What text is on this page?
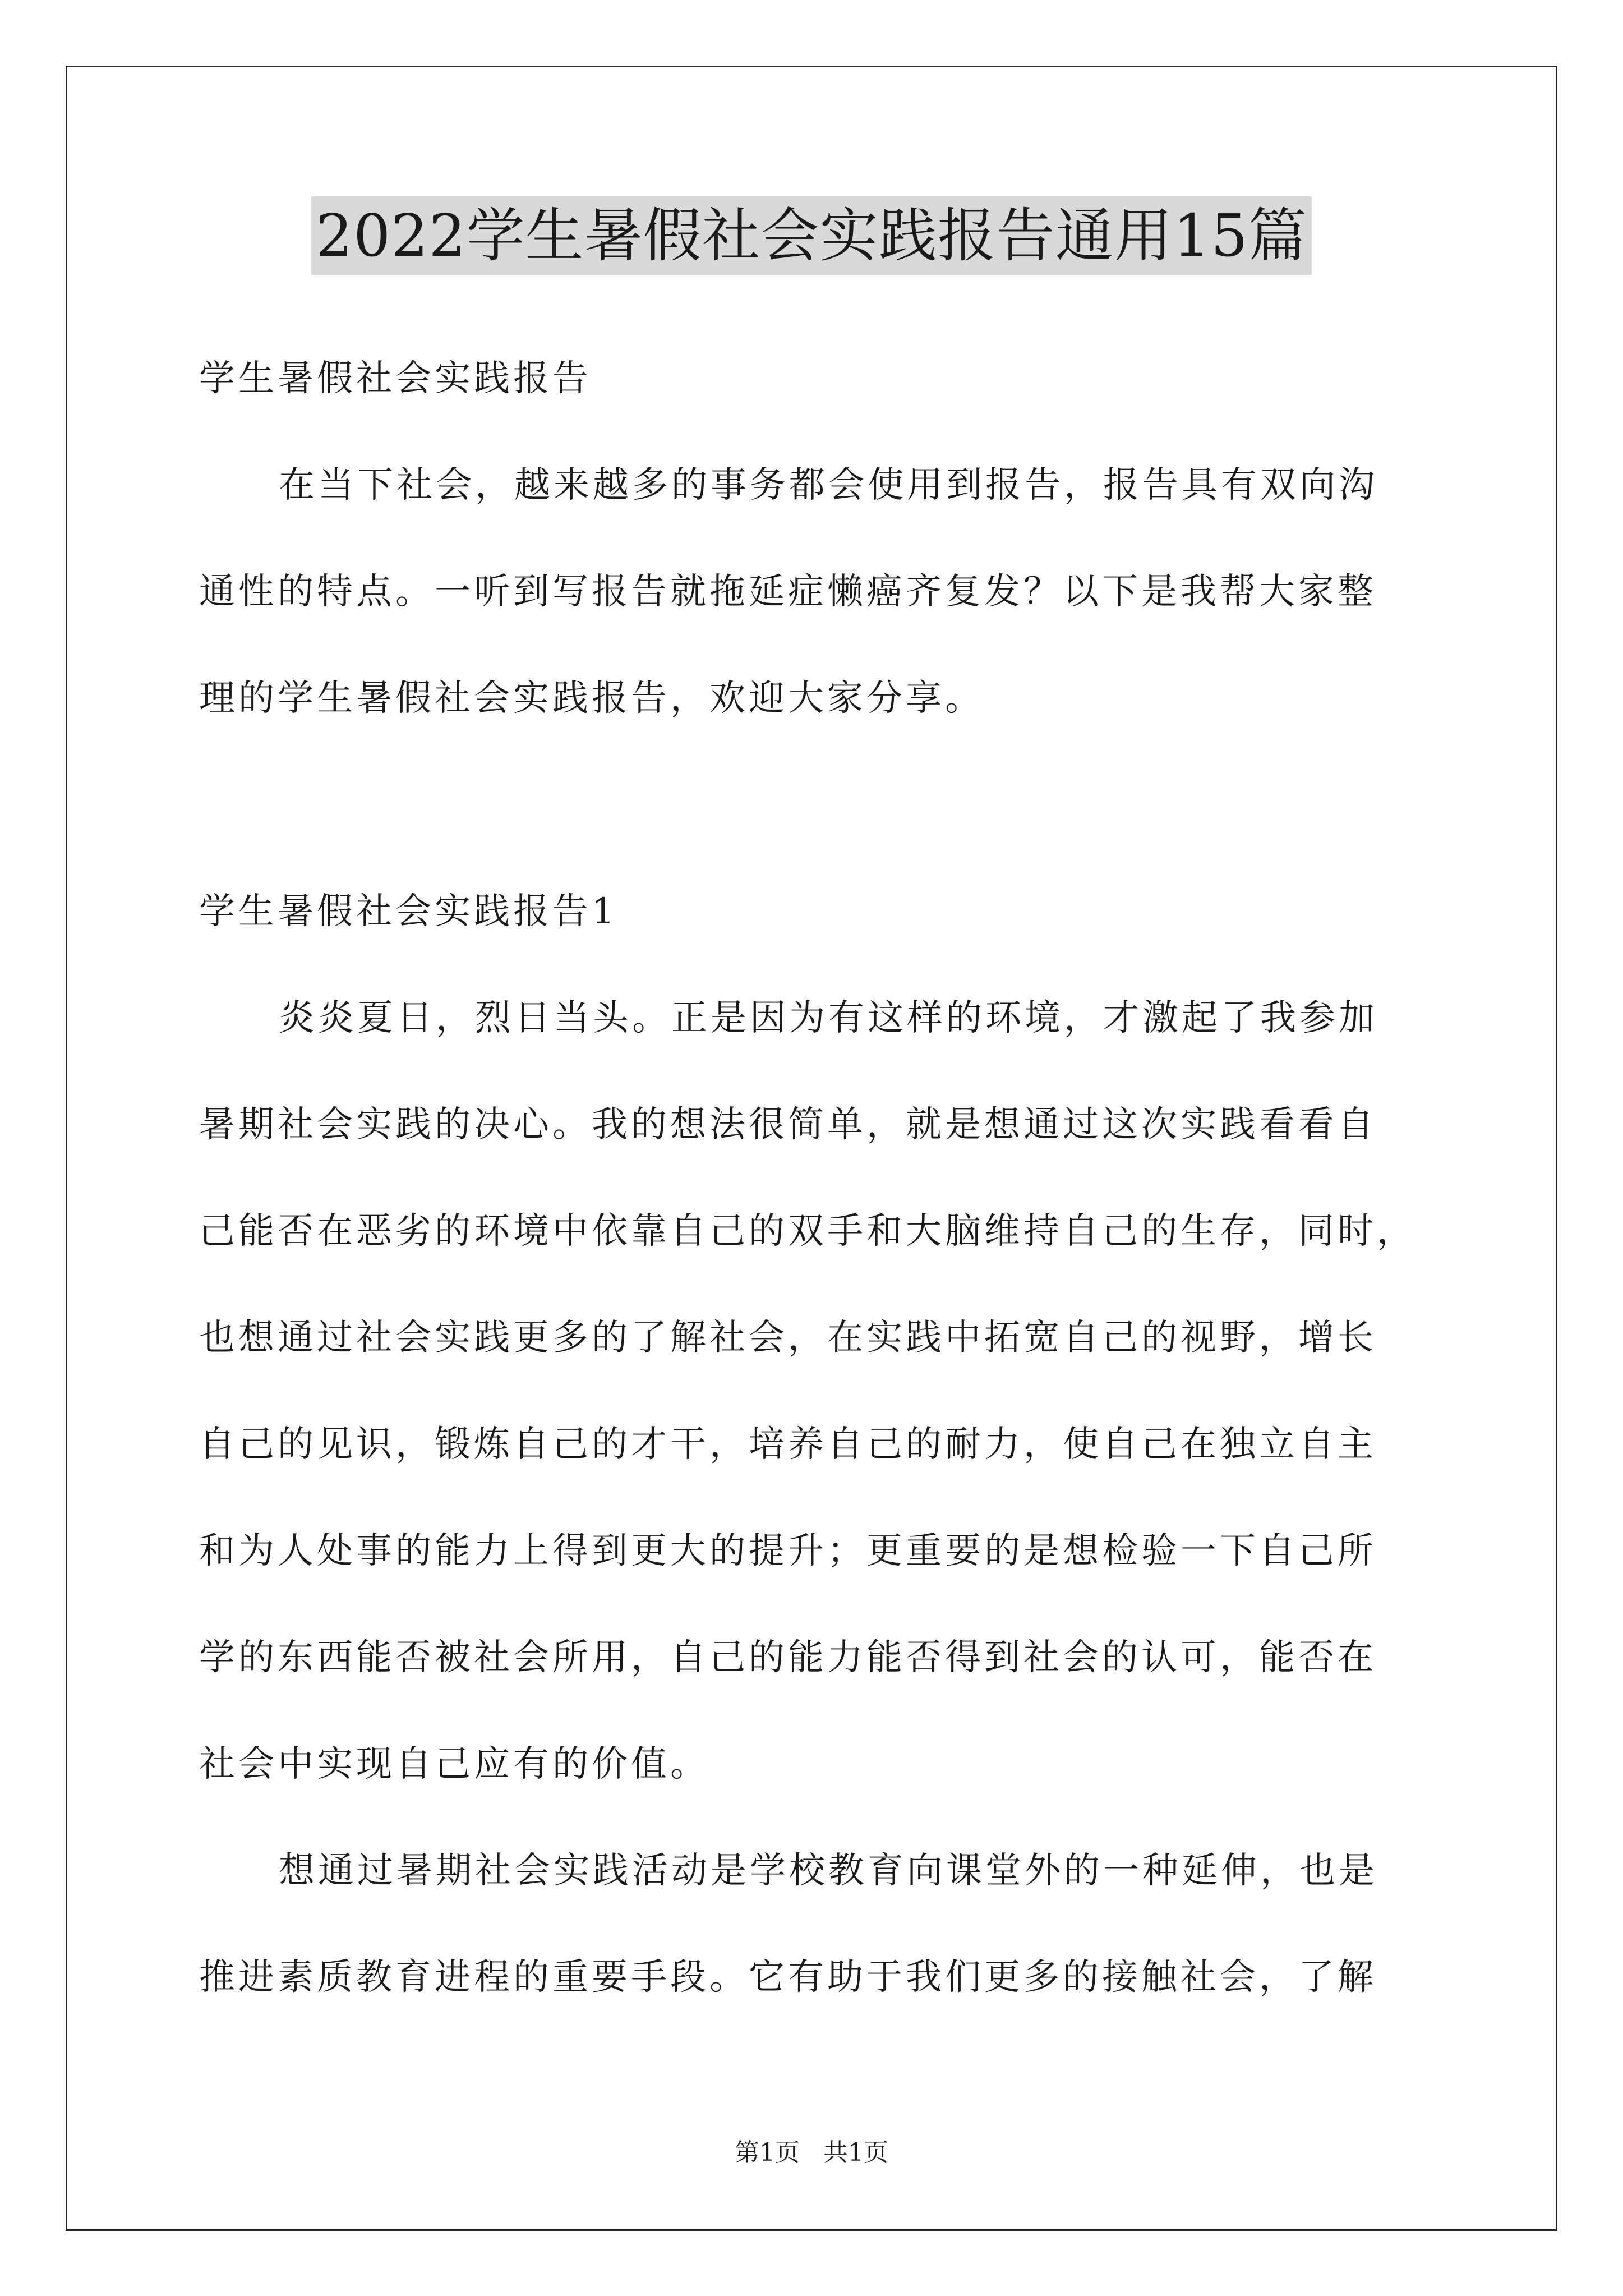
2022学生暑假社会实践报告通用15篇
学生暑假社会实践报告
在当下社会，越来越多的事务都会使用到报告，报告具有双向沟
通性的特点。一听到写报告就拖延症懒癌齐复发？以下是我帮大家整
理的学生暑假社会实践报告，欢迎大家分享。
学生暑假社会实践报告1
炎炎夏日，烈日当头。正是因为有这样的环境，才激起了我参加
暑期社会实践的决心。我的想法很简单，就是想通过这次实践看看自
己能否在恶劣的环境中依靠自己的双手和大脑维持自己的生存，同时，
也想通过社会实践更多的了解社会，在实践中拓宽自己的视野，增长
自己的见识，锻炼自己的才干，培养自己的耐力，使自己在独立自主
和为人处事的能力上得到更大的提升；更重要的是想检验一下自己所
学的东西能否被社会所用，自己的能力能否得到社会的认可，能否在
社会中实现自己应有的价值。
想通过暑期社会实践活动是学校教育向课堂外的一种延伸，也是
推进素质教育进程的重要手段。它有助于我们更多的接触社会，了解
第1页 共1页
